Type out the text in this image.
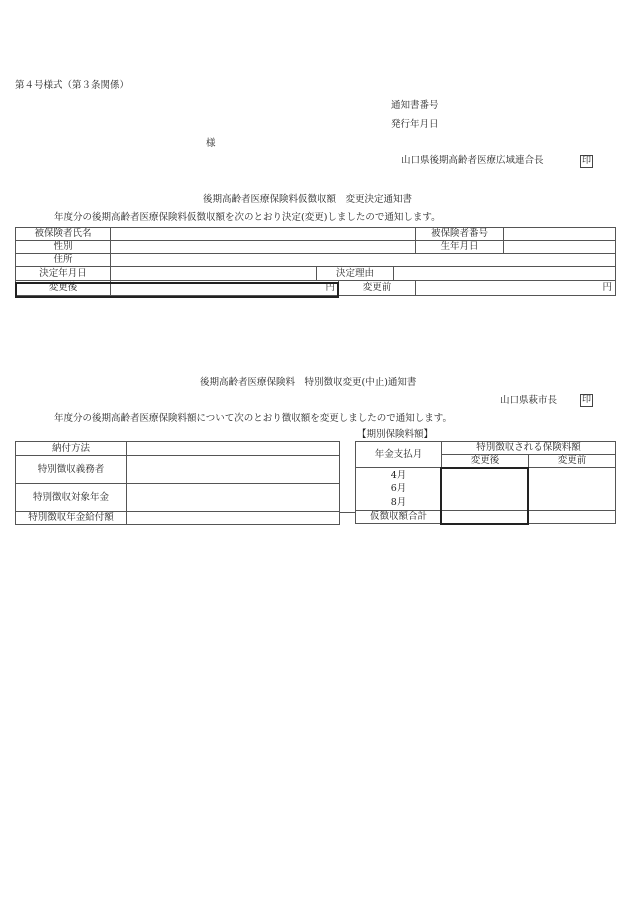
第４号様式（第３条関係）
通知書番号
発行年月日
様
山口県後期高齢者医療広域連合長	印
後期高齢者医療保険料仮徴収額　変更決定通知書
年度分の後期高齢者医療保険料仮徴収額を次のとおり決定(変更)しましたので通知します。
被保険者氏名					被保険者番号	
性別					生年月日	
住所						
決定年月日		決定理由				
変更後	円		変更前		円	
後期高齢者医療保険料　特別徴収変更(中止)通知書
山口県萩市長	印
年度分の後期高齢者医療保険料額について次のとおり徴収額を変更しましたので通知します。
納付方法	
特別徴収義務者	
特別徴収対象年金	
特別徴収年金給付額	
【期別保険料額】
年金支払月	特別徴収される保険料額	
	変更後	変更前

4月
6月
8月		

仮徴収額合計		
